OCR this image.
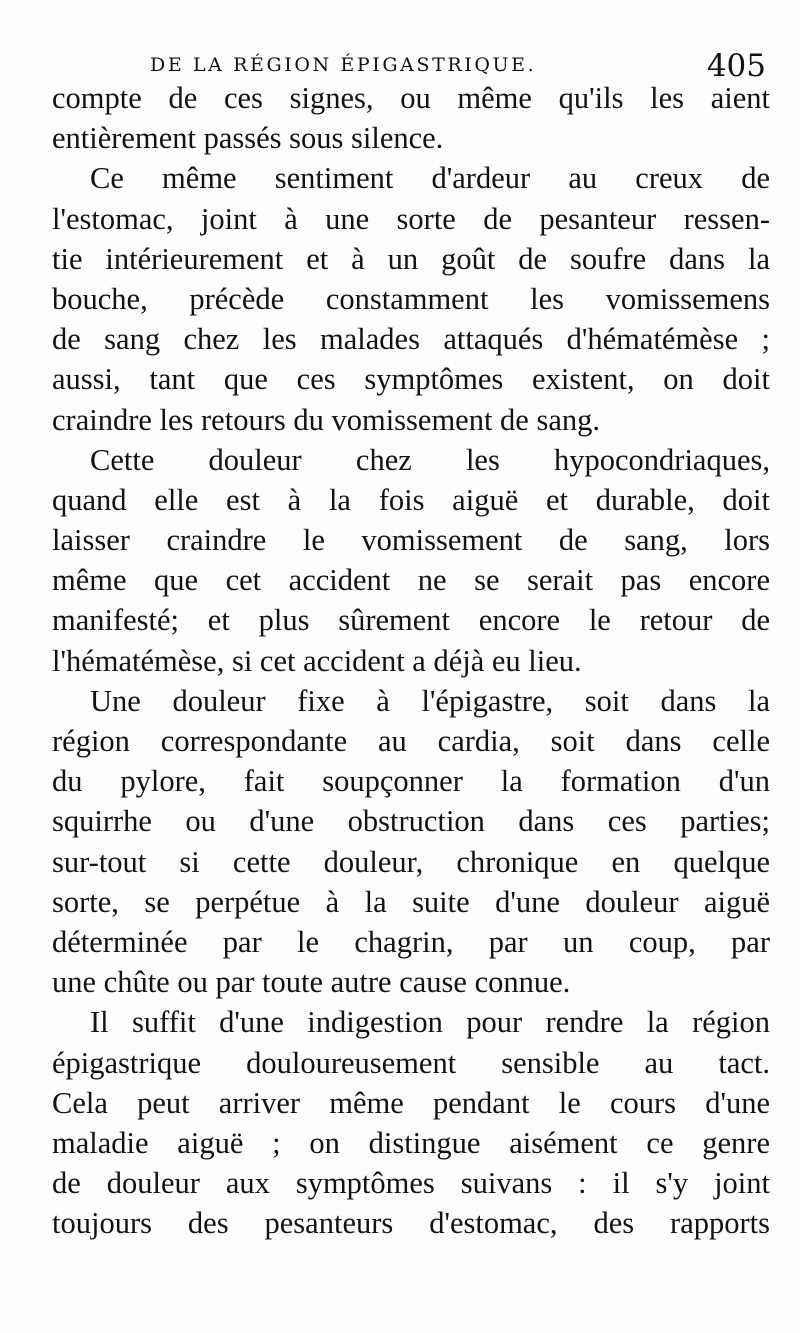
DE LA RÉGION ÉPIGASTRIQUE.	405
compte de ces signes, ou même qu'ils les aient
entièrement passés sous silence.
Ce même sentiment d'ardeur au creux de
l'estomac, joint à une sorte de pesanteur ressen-
tie intérieurement et à un goût de soufre dans la
bouche, précède constamment les vomissemens
de sang chez les malades attaqués d'hématémèse ;
aussi, tant que ces symptômes existent, on doit
craindre les retours du vomissement de sang.
Cette douleur chez les hypocondriaques,
quand elle est à la fois aiguë et durable, doit
laisser craindre le vomissement de sang, lors
même que cet accident ne se serait pas encore
manifesté; et plus sûrement encore le retour de
l'hématémèse, si cet accident a déjà eu lieu.
Une douleur fixe à l'épigastre, soit dans la
région correspondante au cardia, soit dans celle
du pylore, fait soupçonner la formation d'un
squirrhe ou d'une obstruction dans ces parties;
sur-tout si cette douleur, chronique en quelque
sorte, se perpétue à la suite d'une douleur aiguë
déterminée par le chagrin, par un coup, par
une chûte ou par toute autre cause connue.
Il suffit d'une indigestion pour rendre la région
épigastrique douloureusement sensible au tact.
Cela peut arriver même pendant le cours d'une
maladie aiguë ; on distingue aisément ce genre
de douleur aux symptômes suivans : il s'y joint
toujours des pesanteurs d'estomac, des rapports
